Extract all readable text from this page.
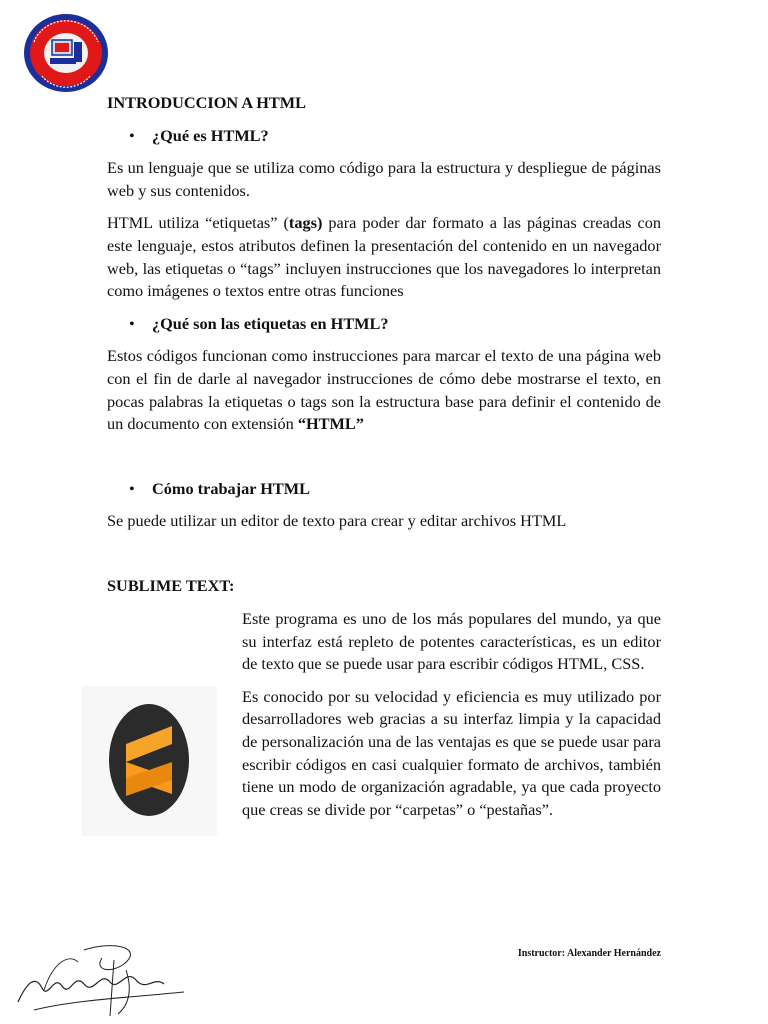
INTRODUCCION A HTML

• ¿Qué es HTML?

Es un lenguaje que se utiliza como código para la estructura y despliegue de páginas web y sus contenidos.

HTML utiliza “etiquetas” (tags) para poder dar formato a las páginas creadas con este lenguaje, estos atributos definen la presentación del contenido en un navegador web, las etiquetas o “tags” incluyen instrucciones que los navegadores lo interpretan como imágenes o textos entre otras funciones

• ¿Qué son las etiquetas en HTML?

Estos códigos funcionan como instrucciones para marcar el texto de una página web con el fin de darle al navegador instrucciones de cómo debe mostrarse el texto, en pocas palabras la etiquetas o tags son la estructura base para definir el contenido de un documento con extensión “HTML”

• Cómo trabajar HTML

Se puede utilizar un editor de texto para crear y editar archivos HTML

SUBLIME TEXT:

Este programa es uno de los más populares del mundo, ya que su interfaz está repleto de potentes características, es un editor de texto que se puede usar para escribir códigos HTML, CSS.

Es conocido por su velocidad y eficiencia es muy utilizado por desarrolladores web gracias a su interfaz limpia y la capacidad de personalización una de las ventajas es que se puede usar para escribir códigos en casi cualquier formato de archivos, también tiene un modo de organización agradable, ya que cada proyecto que creas se divide por “carpetas” o “pestañas”.

Instructor: Alexander Hernández
